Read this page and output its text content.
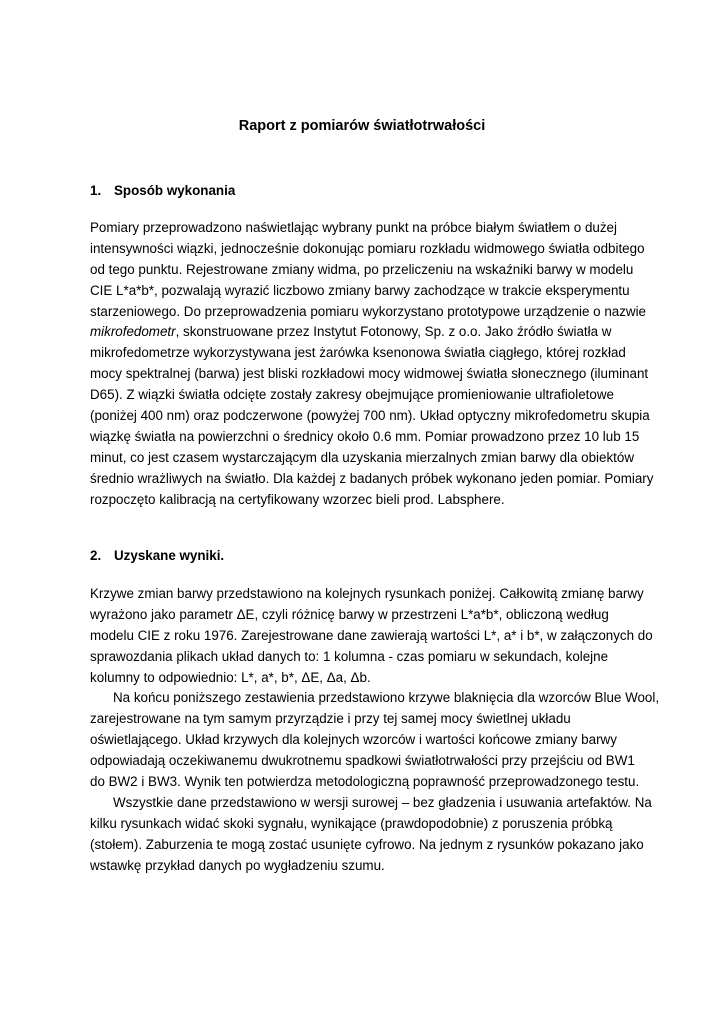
Raport z pomiarów światłotrwałości
1. Sposób wykonania
Pomiary przeprowadzono naświetlając wybrany punkt na próbce białym światłem o dużej
intensywności wiązki, jednocześnie dokonując pomiaru rozkładu widmowego światła odbitego
od tego punktu. Rejestrowane zmiany widma, po przeliczeniu na wskaźniki barwy w modelu
CIE L*a*b*, pozwalają wyrazić liczbowo zmiany barwy zachodzące w trakcie eksperymentu
starzeniowego. Do przeprowadzenia pomiaru wykorzystano prototypowe urządzenie o nazwie
mikrofedometr, skonstruowane przez Instytut Fotonowy, Sp. z o.o. Jako źródło światła w
mikrofedometrze wykorzystywana jest żarówka ksenonowa światła ciągłego, której rozkład
mocy spektralnej (barwa) jest bliski rozkładowi mocy widmowej światła słonecznego (iluminant
D65). Z wiązki światła odcięte zostały zakresy obejmujące promieniowanie ultrafioletowe
(poniżej 400 nm) oraz podczerwone (powyżej 700 nm). Układ optyczny mikrofedometru skupia
wiązkę światła na powierzchni o średnicy około 0.6 mm. Pomiar prowadzono przez 10 lub 15
minut, co jest czasem wystarczającym dla uzyskania mierzalnych zmian barwy dla obiektów
średnio wrażliwych na światło. Dla każdej z badanych próbek wykonano jeden pomiar. Pomiary
rozpoczęto kalibracją na certyfikowany wzorzec bieli prod. Labsphere.
2. Uzyskane wyniki.
Krzywe zmian barwy przedstawiono na kolejnych rysunkach poniżej. Całkowitą zmianę barwy
wyrażono jako parametr ΔE, czyli różnicę barwy w przestrzeni L*a*b*, obliczoną według
modelu CIE z roku 1976. Zarejestrowane dane zawierają wartości L*, a* i b*, w załączonych do
sprawozdania plikach układ danych to: 1 kolumna - czas pomiaru w sekundach, kolejne
kolumny to odpowiednio: L*, a*, b*, ΔE, Δa, Δb.
Na końcu poniższego zestawienia przedstawiono krzywe blaknięcia dla wzorców Blue Wool,
zarejestrowane na tym samym przyrządzie i przy tej samej mocy świetlnej układu
oświetlającego. Układ krzywych dla kolejnych wzorców i wartości końcowe zmiany barwy
odpowiadają oczekiwanemu dwukrotnemu spadkowi światłotrwałości przy przejściu od BW1
do BW2 i BW3. Wynik ten potwierdza metodologiczną poprawność przeprowadzonego testu.
Wszystkie dane przedstawiono w wersji surowej – bez gładzenia i usuwania artefaktów. Na
kilku rysunkach widać skoki sygnału, wynikające (prawdopodobnie) z poruszenia próbką
(stołem). Zaburzenia te mogą zostać usunięte cyfrowo. Na jednym z rysunków pokazano jako
wstawkę przykład danych po wygładzeniu szumu.
